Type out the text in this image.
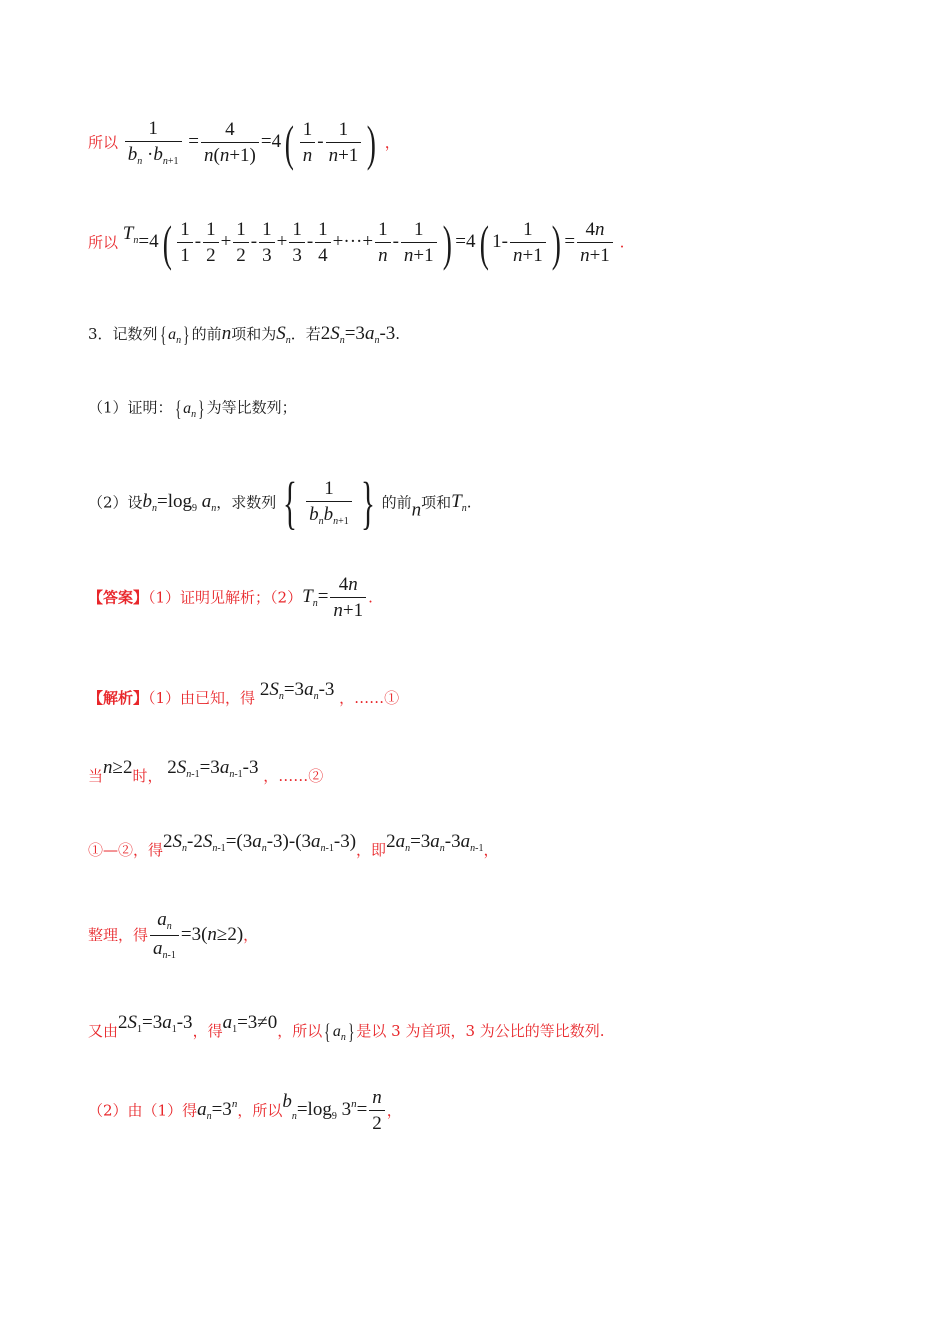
所以 $\frac{1}{b_n \cdot b_{n+1}} = \frac{4}{n(n+1)} =4( \frac{1}{n} - \frac{1}{n+1}$ ) ，
所以 $T^n=4( \frac{1}{1} - \frac{1}{2} + \frac{1}{2} - \frac{1}{3} + \frac{1}{3} - \frac{1}{4}$ +···+ $\frac{1}{n} - \frac{1}{n+1}$ ) =4( $1- \frac{1}{n+1}$ ) = $\frac{4n}{n+1}$ .
3．记数列{ $a_n$} 的前n项和为$S_n$．若$2S_n=3a_n-3$.
（1）证明：{ $a_n$} 为等比数列；
（2）设$b_n=\log_9$ $a_n$，求数列 { $\frac{1}{b_nb_{n+1}}$ } 的前n项和$T_n$.
【答案】（1）证明见解析；$(2)T_n= \frac{4n}{n+1}$ .
【解析】（1）由已知，得 $2S_n=3a_n-3$ ，……①
当n≥2时， $2S_{n-1}=3a_{n-1}-3$ ，……②
①—②，得$2S_n-2S_{n-1}=(3a_n-3)-(3a_{n-1}-3)$，即$2a_n=3a_n-3a_{n-1}$，
整理，得 $\frac{a_n}{a_{n-1}} =3(n\ge 2)$，
又由$2S_1=3a_1-3$，得$a_1=3\ne 0$，所以{ $a_n$} 是以 3 为首项，3 为公比的等比数列.
（2）由（1）得$a_n=3^n$，所以$b_n=\log_9$ $3^n= \frac{n}{2}$ ，
